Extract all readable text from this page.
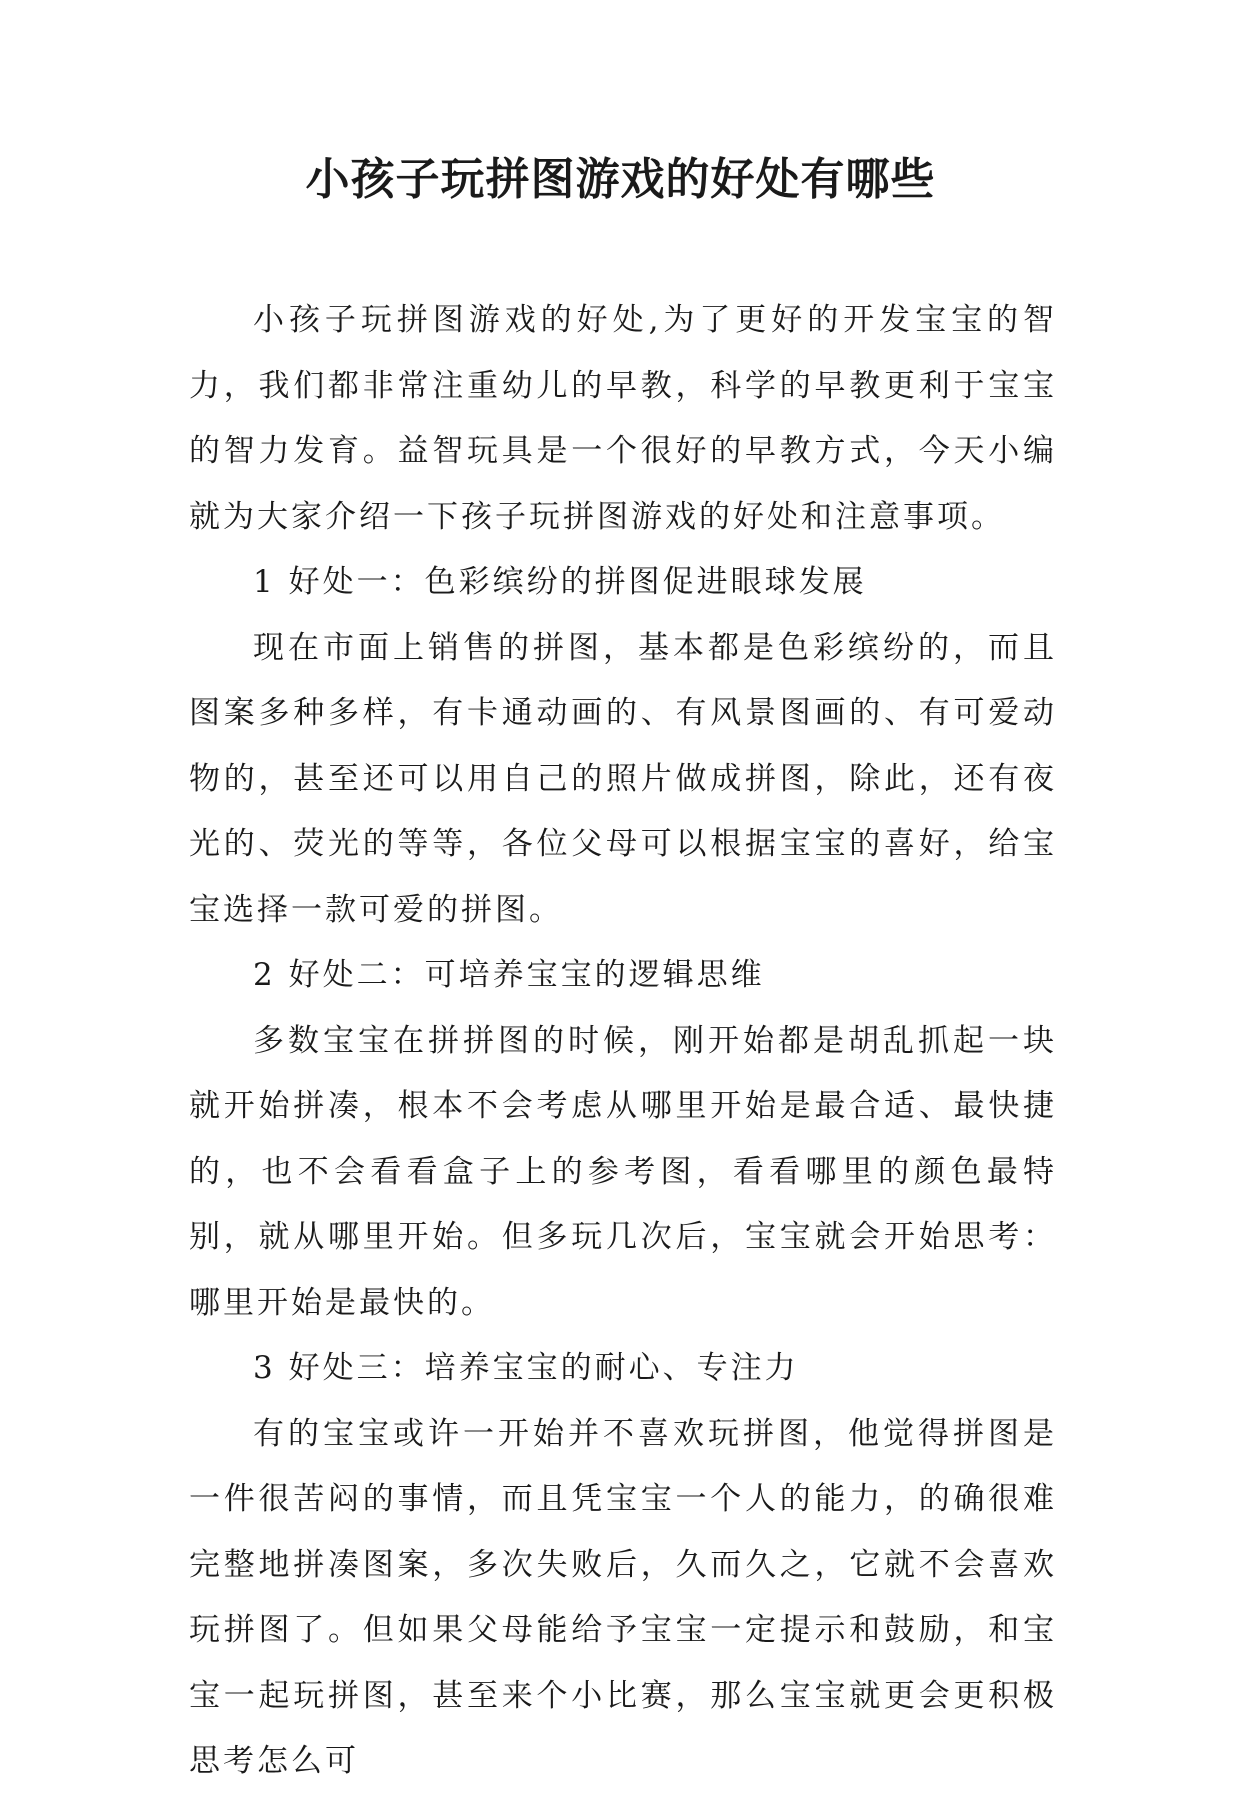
小孩子玩拼图游戏的好处有哪些

小孩子玩拼图游戏的好处,为了更好的开发宝宝的智力，我们都非常注重幼儿的早教，科学的早教更利于宝宝的智力发育。益智玩具是一个很好的早教方式，今天小编就为大家介绍一下孩子玩拼图游戏的好处和注意事项。

1 好处一：色彩缤纷的拼图促进眼球发展

现在市面上销售的拼图，基本都是色彩缤纷的，而且图案多种多样，有卡通动画的、有风景图画的、有可爱动物的，甚至还可以用自己的照片做成拼图，除此，还有夜光的、荧光的等等，各位父母可以根据宝宝的喜好，给宝宝选择一款可爱的拼图。

2 好处二：可培养宝宝的逻辑思维

多数宝宝在拼拼图的时候，刚开始都是胡乱抓起一块就开始拼凑，根本不会考虑从哪里开始是最合适、最快捷的，也不会看看盒子上的参考图，看看哪里的颜色最特别，就从哪里开始。但多玩几次后，宝宝就会开始思考：哪里开始是最快的。

3 好处三：培养宝宝的耐心、专注力

有的宝宝或许一开始并不喜欢玩拼图，他觉得拼图是一件很苦闷的事情，而且凭宝宝一个人的能力，的确很难完整地拼凑图案，多次失败后，久而久之，它就不会喜欢玩拼图了。但如果父母能给予宝宝一定提示和鼓励，和宝宝一起玩拼图，甚至来个小比赛，那么宝宝就更会更积极思考怎么可
